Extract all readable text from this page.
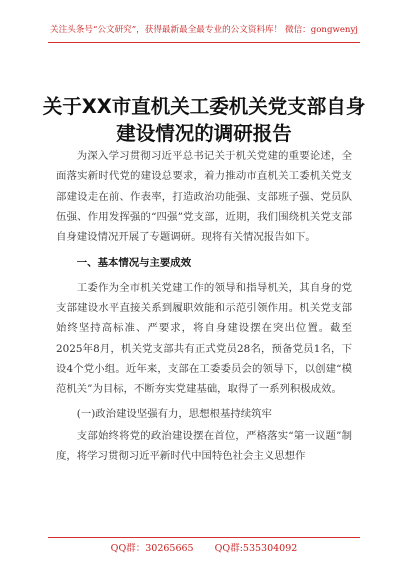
关注头条号“公文研究”，获得最新最全最专业的公文资料库！ 微信：gongwenyj
关于XX市直机关工委机关党支部自身建设情况的调研报告

为深入学习贯彻习近平总书记关于机关党建的重要论述，全面落实新时代党的建设总要求，着力推动市直机关工委机关党支部建设走在前、作表率，打造政治功能强、支部班子强、党员队伍强、作用发挥强的“四强”党支部，近期，我们围绕机关党支部自身建设情况开展了专题调研。现将有关情况报告如下。

一、基本情况与主要成效

工委作为全市机关党建工作的领导和指导机关，其自身的党支部建设水平直接关系到履职效能和示范引领作用。机关党支部始终坚持高标准、严要求，将自身建设摆在突出位置。截至2025年8月，机关党支部共有正式党员28名，预备党员1名，下设4个党小组。近年来，支部在工委委员会的领导下，以创建“模范机关”为目标，不断夯实党建基础，取得了一系列积极成效。

(一)政治建设坚强有力，思想根基持续筑牢

支部始终将党的政治建设摆在首位，严格落实“第一议题”制度，将学习贯彻习近平新时代中国特色社会主义思想作

QQ群：30265665 QQ群:535304092
